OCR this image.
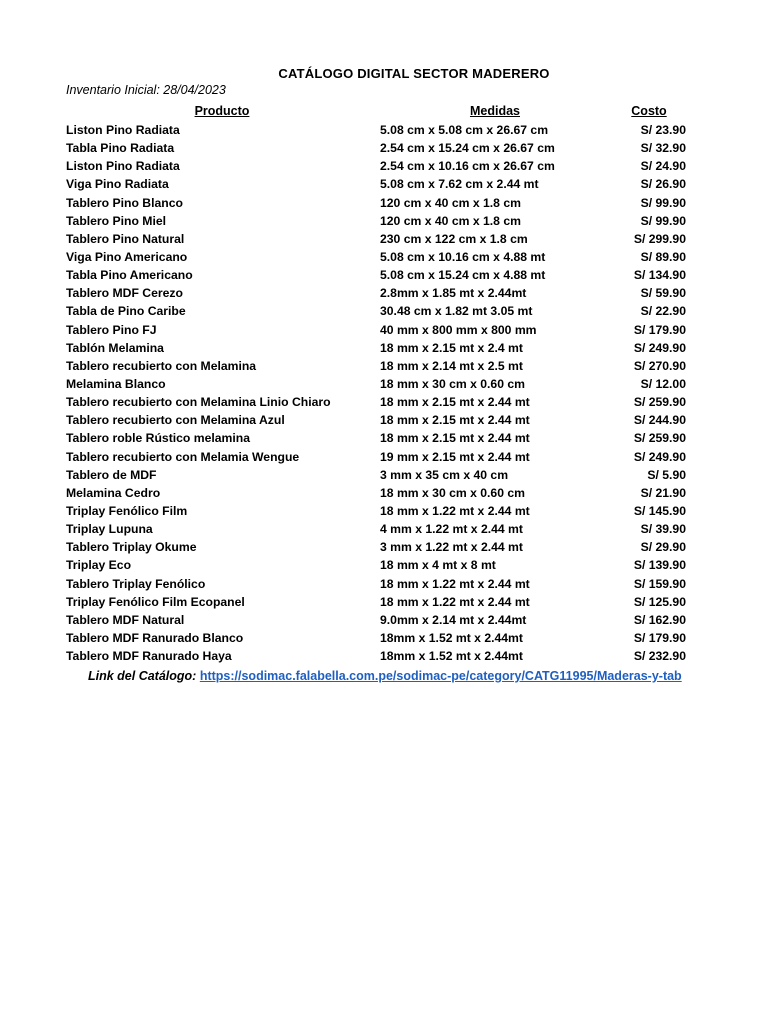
CATÁLOGO DIGITAL SECTOR MADERERO
Inventario Inicial: 28/04/2023
Producto	Medidas	Costo
Liston Pino Radiata	5.08 cm x 5.08 cm x 26.67 cm	S/ 23.90
Tabla Pino Radiata	2.54 cm x 15.24 cm x 26.67 cm	S/ 32.90
Liston Pino Radiata	2.54 cm x 10.16 cm x 26.67 cm	S/ 24.90
Viga Pino Radiata	5.08 cm x 7.62 cm x 2.44 mt	S/ 26.90
Tablero Pino Blanco	120 cm x 40 cm x 1.8 cm	S/ 99.90
Tablero Pino Miel	120 cm x 40 cm x 1.8 cm	S/ 99.90
Tablero Pino Natural	230 cm x 122 cm x 1.8 cm	S/ 299.90
Viga Pino Americano	5.08 cm x 10.16 cm x 4.88 mt	S/ 89.90
Tabla Pino Americano	5.08 cm x 15.24 cm x 4.88 mt	S/ 134.90
Tablero MDF Cerezo	2.8mm x 1.85 mt x 2.44mt	S/ 59.90
Tabla de Pino Caribe	30.48 cm x 1.82 mt 3.05 mt	S/ 22.90
Tablero Pino FJ	40 mm x 800 mm x 800 mm	S/ 179.90
Tablón Melamina	18 mm x 2.15 mt x 2.4 mt	S/ 249.90
Tablero recubierto con Melamina	18 mm x 2.14 mt x 2.5 mt	S/ 270.90
Melamina Blanco	18 mm x 30 cm x 0.60 cm	S/ 12.00
Tablero recubierto con Melamina Linio Chiaro	18 mm x 2.15 mt x 2.44 mt	S/ 259.90
Tablero recubierto con Melamina Azul	18 mm x 2.15 mt x 2.44 mt	S/ 244.90
Tablero roble Rústico melamina	18 mm x 2.15 mt x 2.44 mt	S/ 259.90
Tablero recubierto con Melamia Wengue	19 mm x 2.15 mt x 2.44 mt	S/ 249.90
Tablero de MDF	3 mm x 35 cm x 40 cm	S/ 5.90
Melamina Cedro	18 mm x 30 cm x 0.60 cm	S/ 21.90
Triplay Fenólico Film	18 mm x 1.22 mt x 2.44 mt	S/ 145.90
Triplay Lupuna	4 mm x 1.22 mt x 2.44 mt	S/ 39.90
Tablero Triplay Okume	3 mm x 1.22 mt x 2.44 mt	S/ 29.90
Triplay Eco	18 mm x 4 mt x 8 mt	S/ 139.90
Tablero Triplay Fenólico	18 mm x 1.22 mt x 2.44 mt	S/ 159.90
Triplay Fenólico Film Ecopanel	18 mm x 1.22 mt x 2.44 mt	S/ 125.90
Tablero MDF Natural	9.0mm x 2.14 mt x 2.44mt	S/ 162.90
Tablero MDF Ranurado Blanco	18mm x 1.52 mt x 2.44mt	S/ 179.90
Tablero MDF Ranurado Haya	18mm x 1.52 mt x 2.44mt	S/ 232.90
Link del Catálogo: https://sodimac.falabella.com.pe/sodimac-pe/category/CATG11995/Maderas-y-tab
